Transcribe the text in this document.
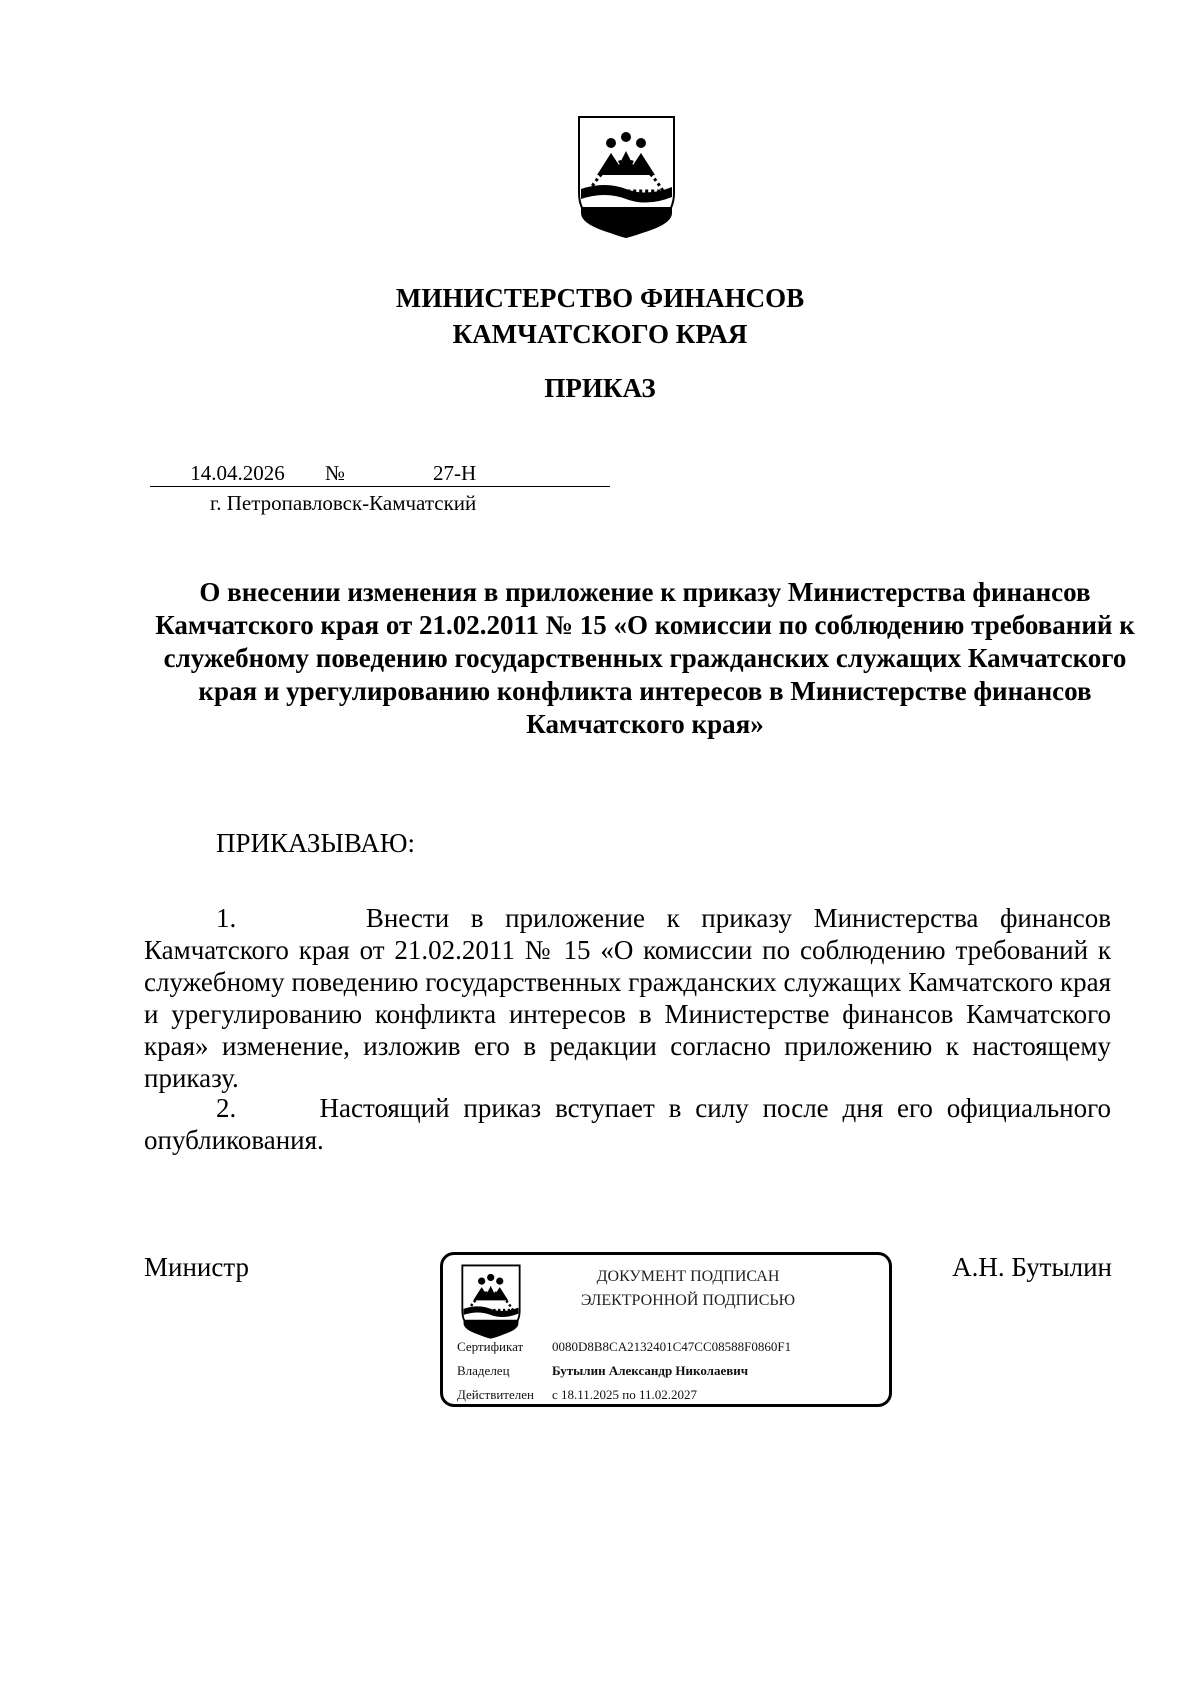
МИНИСТЕРСТВО ФИНАНСОВ
КАМЧАТСКОГО КРАЯ
ПРИКАЗ
14.04.2026 №	27-Н
г. Петропавловск-Камчатский
О внесении изменения в приложение к приказу Министерства финансов Камчатского края от 21.02.2011 № 15 «О комиссии по соблюдению требований к служебному поведению государственных гражданских служащих Камчатского края и урегулированию конфликта интересов в Министерстве финансов Камчатского края»
ПРИКАЗЫВАЮ:
1.      Внести в приложение к приказу Министерства финансов
Камчатского края от 21.02.2011 № 15 «О комиссии по соблюдению требований к служебному поведению государственных гражданских служащих Камчатского края и урегулированию конфликта интересов в Министерстве финансов Камчатского края» изменение, изложив его в редакции согласно приложению к настоящему приказу.
2.      Настоящий приказ вступает в силу после дня его официального
опубликования.
Министр	А.Н. Бутылин
ДОКУМЕНТ ПОДПИСАН
ЭЛЕКТРОННОЙ ПОДПИСЬЮ
Сертификат 0080D8B8CA2132401C47CC08588F0860F1
Владелец	Бутылин Александр Николаевич
Действителен с 18.11.2025 по 11.02.2027
